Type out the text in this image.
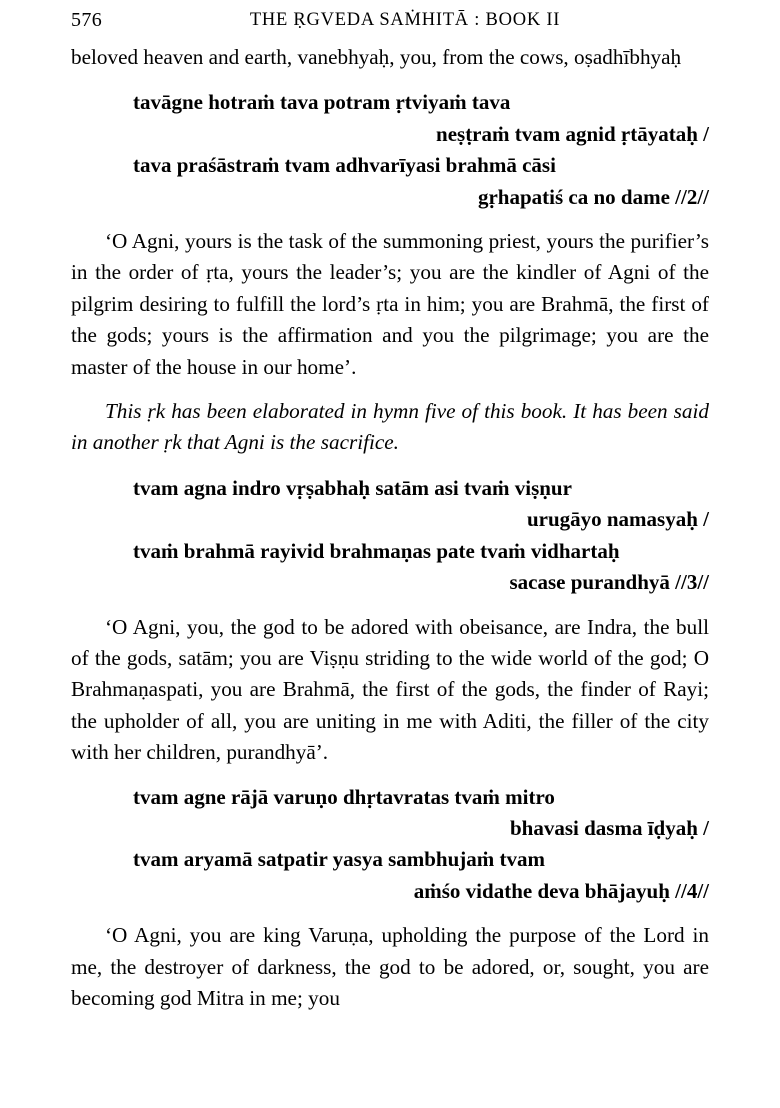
576	THE ṚGVEDA SAṀHITĀ : BOOK II

beloved heaven and earth, vanebhyaḥ, you, from the cows, oṣadhībhyaḥ

tavāgne hotraṁ tava potram ṛtviyaṁ tava
neṣṭraṁ tvam agnid ṛtāyataḥ /
tava praśāstraṁ tvam adhvarīyasi brahmā cāsi
gṛhapatiś ca no dame //2//

‘O Agni, yours is the task of the summoning priest, yours the purifier’s in the order of ṛta, yours the leader’s; you are the kindler of Agni of the pilgrim desiring to fulfill the lord’s ṛta in him; you are Brahmā, the first of the gods; yours is the affirmation and you the pilgrimage; you are the master of the house in our home’.

This ṛk has been elaborated in hymn five of this book. It has been said in another ṛk that Agni is the sacrifice.

tvam agna indro vṛṣabhaḥ satām asi tvaṁ viṣṇur
urugāyo namasyaḥ /
tvaṁ brahmā rayivid brahmaṇas pate tvaṁ vidhartaḥ
sacase purandhyā //3//

‘O Agni, you, the god to be adored with obeisance, are Indra, the bull of the gods, satām; you are Viṣṇu striding to the wide world of the god; O Brahmaṇaspati, you are Brahmā, the first of the gods, the finder of Rayi; the upholder of all, you are uniting in me with Aditi, the filler of the city with her children, purandhyā’.

tvam agne rājā varuṇo dhṛtavratas tvaṁ mitro
bhavasi dasma īḍyaḥ /
tvam aryamā satpatir yasya sambhujaṁ tvam
aṁśo vidathe deva bhājayuḥ //4//

‘O Agni, you are king Varuṇa, upholding the purpose of the Lord in me, the destroyer of darkness, the god to be adored, or, sought, you are becoming god Mitra in me; you
